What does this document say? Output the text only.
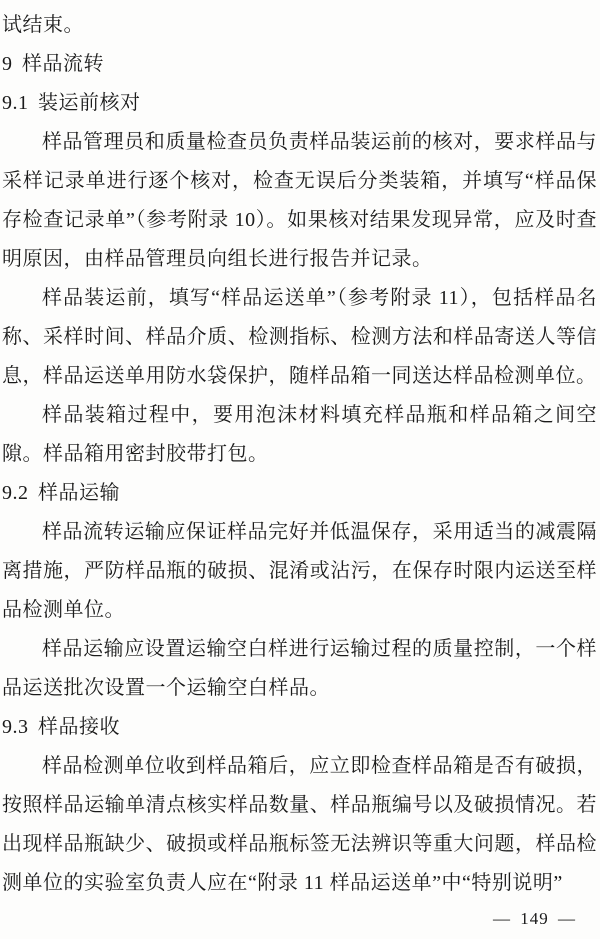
试结束。

9 样品流转
9.1 装运前核对

样品管理员和质量检查员负责样品装运前的核对，要求样品与采样记录单进行逐个核对，检查无误后分类装箱，并填写“样品保存检查记录单”（参考附录 10）。如果核对结果发现异常，应及时查明原因，由样品管理员向组长进行报告并记录。

样品装运前，填写“样品运送单”（参考附录 11），包括样品名称、采样时间、样品介质、检测指标、检测方法和样品寄送人等信息，样品运送单用防水袋保护，随样品箱一同送达样品检测单位。

样品装箱过程中，要用泡沫材料填充样品瓶和样品箱之间空隙。样品箱用密封胶带打包。

9.2 样品运输

样品流转运输应保证样品完好并低温保存，采用适当的减震隔离措施，严防样品瓶的破损、混淆或沾污，在保存时限内运送至样品检测单位。

样品运输应设置运输空白样进行运输过程的质量控制，一个样品运送批次设置一个运输空白样品。

9.3 样品接收

样品检测单位收到样品箱后，应立即检查样品箱是否有破损，按照样品运输单清点核实样品数量、样品瓶编号以及破损情况。若出现样品瓶缺少、破损或样品瓶标签无法辨识等重大问题，样品检测单位的实验室负责人应在“附录 11 样品运送单”中“特别说明”

— 149 —
